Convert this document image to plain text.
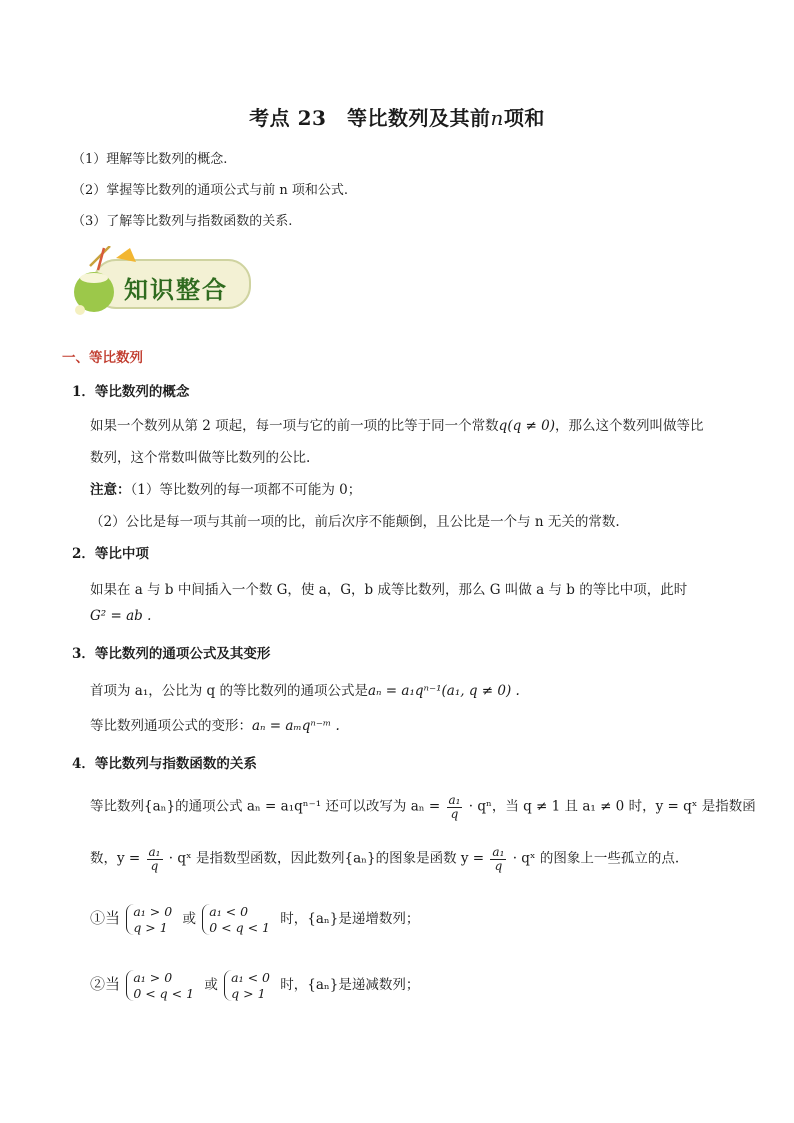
考点 23　等比数列及其前n项和
（1）理解等比数列的概念.
（2）掌握等比数列的通项公式与前 n 项和公式.
（3）了解等比数列与指数函数的关系.
知识整合
一、等比数列
1．等比数列的概念
如果一个数列从第 2 项起，每一项与它的前一项的比等于同一个常数q(q ≠ 0)，那么这个数列叫做等比
数列，这个常数叫做等比数列的公比.
注意：（1）等比数列的每一项都不可能为 0；
（2）公比是每一项与其前一项的比，前后次序不能颠倒，且公比是一个与 n 无关的常数.
2．等比中项
如果在 a 与 b 中间插入一个数 G，使 a，G，b 成等比数列，那么 G 叫做 a 与 b 的等比中项，此时
G² = ab .
3．等比数列的通项公式及其变形
首项为 a₁，公比为 q 的等比数列的通项公式是aₙ = a₁qⁿ⁻¹(a₁, q ≠ 0) .
等比数列通项公式的变形：aₙ = aₘqⁿ⁻ᵐ .
4．等比数列与指数函数的关系
等比数列{aₙ}的通项公式 aₙ = a₁qⁿ⁻¹ 还可以改写为 $a_n = \frac{\text{a₁}}{q} \cdot q^n$，当 q ≠ 1 且 a₁ ≠ 0 时，y = qˣ 是指数函
数，$y = \frac{\text{a₁}}{q}$ · qˣ 是指数型函数，因此数列{aₙ}的图象是函数 $y = \frac{\text{a₁}}{q}$ · qˣ 的图象上一些孤立的点.
①当 a₁ > 0
q > 1 或 a₁ < 0
0 < q < 1 时，{aₙ}是递增数列；
②当 a₁ > 0
0 < q < 1 或 a₁ < 0
q > 1 时，{aₙ}是递减数列；
